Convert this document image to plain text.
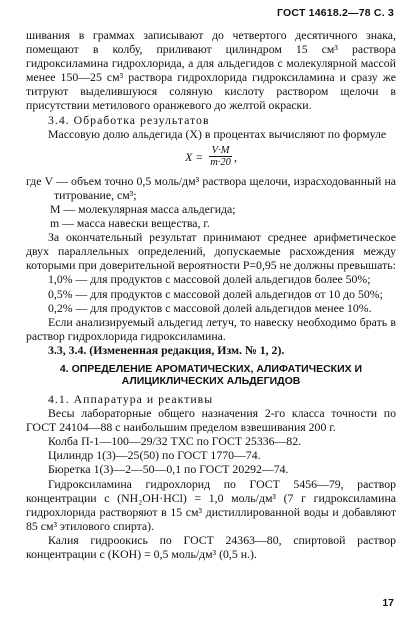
ГОСТ 14618.2—78 С. 3

шивания в граммах записывают до четвертого десятичного знака, помещают в колбу, приливают цилиндром 15 см³ раствора гидроксиламина гидрохлорида, а для альдегидов с молекулярной массой менее 150—25 см³ раствора гидрохлорида гидроксиламина и сразу же титруют выделившуюся соляную кислоту раствором щелочи в присутствии метилового оранжевого до желтой окраски.

3.4. Обработка результатов

Массовую долю альдегида (X) в процентах вычисляют по формуле

$X = \frac{V\cdot M}{m\cdot 20}$ ,

где V — объем точно 0,5 моль/дм³ раствора щелочи, израсходованный на титрование, см³;

M — молекулярная масса альдегида;

m — масса навески вещества, г.

За окончательный результат принимают среднее арифметическое двух параллельных определений, допускаемые расхождения между которыми при доверительной вероятности P=0,95 не должны превышать:

1,0% — для продуктов с массовой долей альдегидов более 50%;

0,5% — для продуктов с массовой долей альдегидов от 10 до 50%;

0,2% — для продуктов с массовой долей альдегидов менее 10%.

Если анализируемый альдегид летуч, то навеску необходимо брать в раствор гидрохлорида гидроксиламина.

3.3, 3.4. (Измененная редакция, Изм. № 1, 2).

4. ОПРЕДЕЛЕНИЕ АРОМАТИЧЕСКИХ, АЛИФАТИЧЕСКИХ И АЛИЦИКЛИЧЕСКИХ АЛЬДЕГИДОВ

4.1. Аппаратура и реактивы

Весы лабораторные общего назначения 2-го класса точности по ГОСТ 24104—88 с наибольшим пределом взвешивания 200 г.

Колба П-1—100—29/32 ТХС по ГОСТ 25336—82.

Цилиндр 1(3)—25(50) по ГОСТ 1770—74.

Бюретка 1(3)—2—50—0,1 по ГОСТ 20292—74.

Гидроксиламина гидрохлорид по ГОСТ 5456—79, раствор концентрации c (NH₂OH·HCl) = 1,0 моль/дм³ (7 г гидроксиламина гидрохлорида растворяют в 15 см³ дистиллированной воды и добавляют 85 см³ этилового спирта).

Калия гидроокись по ГОСТ 24363—80, спиртовой раствор концентрации c (KOH) = 0,5 моль/дм³ (0,5 н.).

17
